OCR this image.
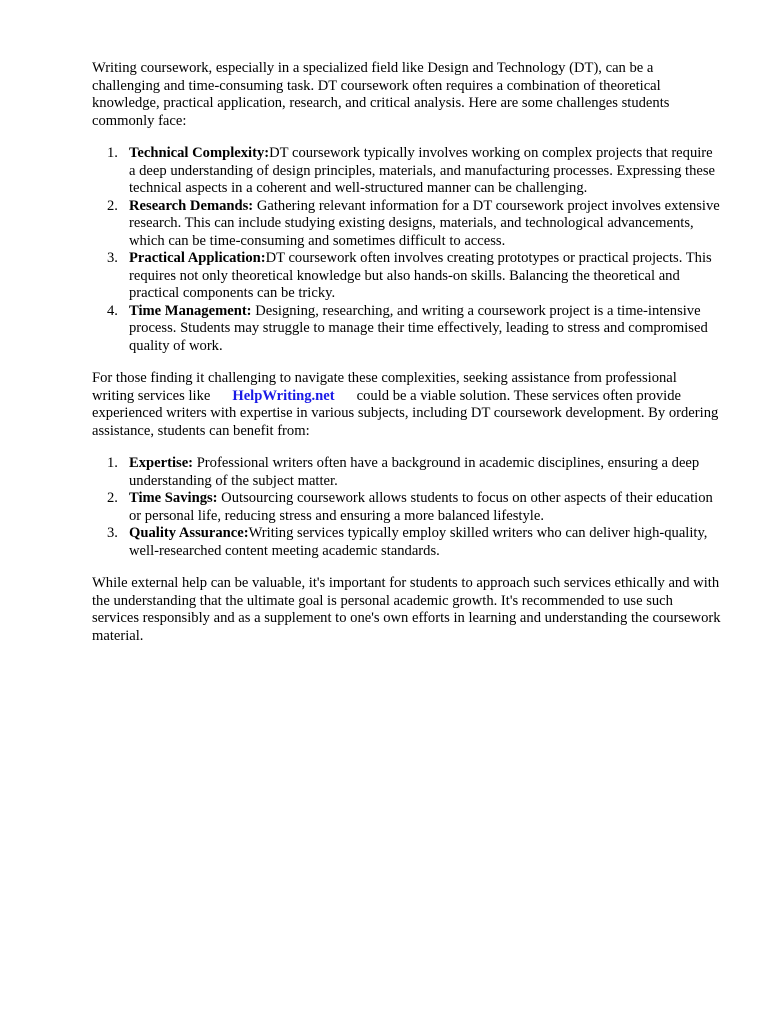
Writing coursework, especially in a specialized field like Design and Technology (DT), can be a challenging and time-consuming task. DT coursework often requires a combination of theoretical knowledge, practical application, research, and critical analysis. Here are some challenges students commonly face:

1. Technical Complexity:DT coursework typically involves working on complex projects that require a deep understanding of design principles, materials, and manufacturing processes. Expressing these technical aspects in a coherent and well-structured manner can be challenging.
2. Research Demands: Gathering relevant information for a DT coursework project involves extensive research. This can include studying existing designs, materials, and technological advancements, which can be time-consuming and sometimes difficult to access.
3. Practical Application:DT coursework often involves creating prototypes or practical projects. This requires not only theoretical knowledge but also hands-on skills. Balancing the theoretical and practical components can be tricky.
4. Time Management: Designing, researching, and writing a coursework project is a time-intensive process. Students may struggle to manage their time effectively, leading to stress and compromised quality of work.

For those finding it challenging to navigate these complexities, seeking assistance from professional writing services like HelpWriting.net could be a viable solution. These services often provide experienced writers with expertise in various subjects, including DT coursework development. By ordering assistance, students can benefit from:

1. Expertise: Professional writers often have a background in academic disciplines, ensuring a deep understanding of the subject matter.
2. Time Savings: Outsourcing coursework allows students to focus on other aspects of their education or personal life, reducing stress and ensuring a more balanced lifestyle.
3. Quality Assurance:Writing services typically employ skilled writers who can deliver high-quality, well-researched content meeting academic standards.

While external help can be valuable, it's important for students to approach such services ethically and with the understanding that the ultimate goal is personal academic growth. It's recommended to use such services responsibly and as a supplement to one's own efforts in learning and understanding the coursework material.
